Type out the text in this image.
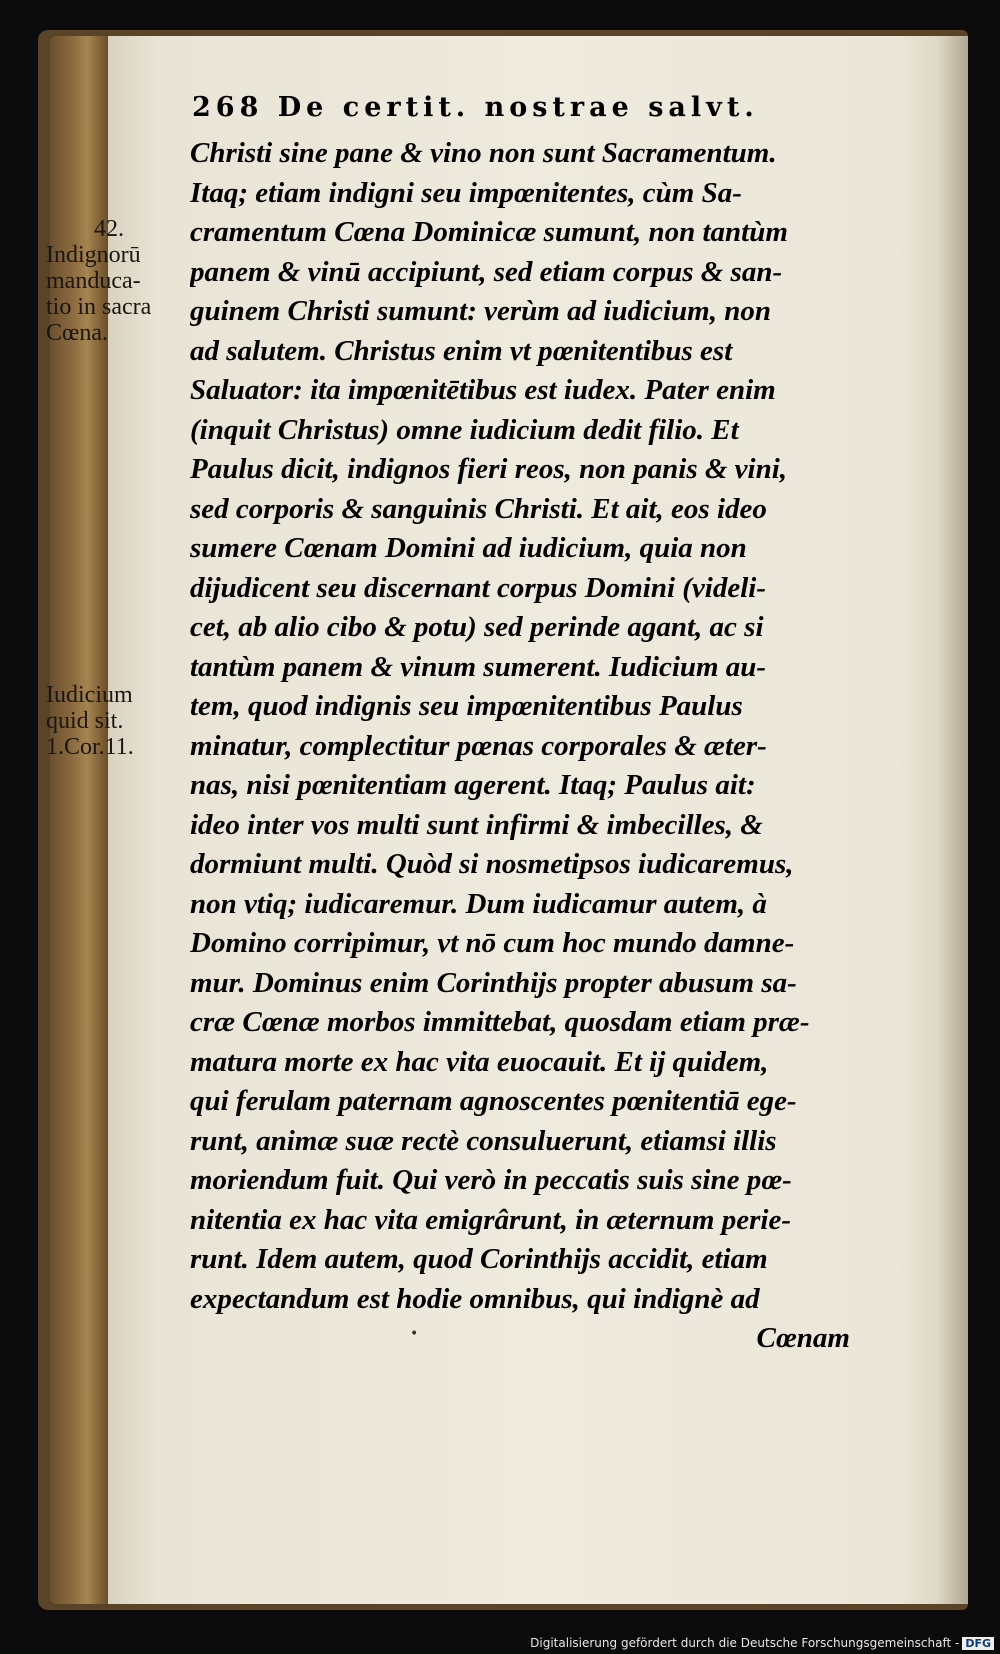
268 De certit. nostrae salvt.
Christi sine pane & vino non sunt Sacramentum.
Itaq; etiam indigni seu impœnitentes, cùm Sa-
cramentum Cœna Dominicæ sumunt, non tantùm
panem & vinū accipiunt, sed etiam corpus & san-
guinem Christi sumunt: verùm ad iudicium, non
ad salutem. Christus enim vt pœnitentibus est
Saluator: ita impœnitētibus est iudex. Pater enim
(inquit Christus) omne iudicium dedit filio. Et
Paulus dicit, indignos fieri reos, non panis & vini,
sed corporis & sanguinis Christi. Et ait, eos ideo
sumere Cœnam Domini ad iudicium, quia non
dijudicent seu discernant corpus Domini (videli-
cet, ab alio cibo & potu) sed perinde agant, ac si
tantùm panem & vinum sumerent. Iudicium au-
tem, quod indignis seu impœnitentibus Paulus
minatur, complectitur pœnas corporales & æter-
nas, nisi pœnitentiam agerent. Itaq; Paulus ait:
ideo inter vos multi sunt infirmi & imbecilles, &
dormiunt multi. Quòd si nosmetipsos iudicaremus,
non vtiq; iudicaremur. Dum iudicamur autem, à
Domino corripimur, vt nō cum hoc mundo damne-
mur. Dominus enim Corinthijs propter abusum sa-
cræ Cœnæ morbos immittebat, quosdam etiam præ-
matura morte ex hac vita euocauit. Et ij quidem,
qui ferulam paternam agnoscentes pœnitentiā ege-
runt, animæ suæ rectè consuluerunt, etiamsi illis
moriendum fuit. Qui verò in peccatis suis sine pœ-
nitentia ex hac vita emigrârunt, in æternum perie-
runt. Idem autem, quod Corinthijs accidit, etiam
expectandum est hodie omnibus, qui indignè ad
Cœnam
42.
Indignorū
manduca-
tio in sacra
Cœna.
Iudicium
quid sit.
1.Cor.11.
•
Digitalisierung gefördert durch die Deutsche Forschungsgemeinschaft - DFG
